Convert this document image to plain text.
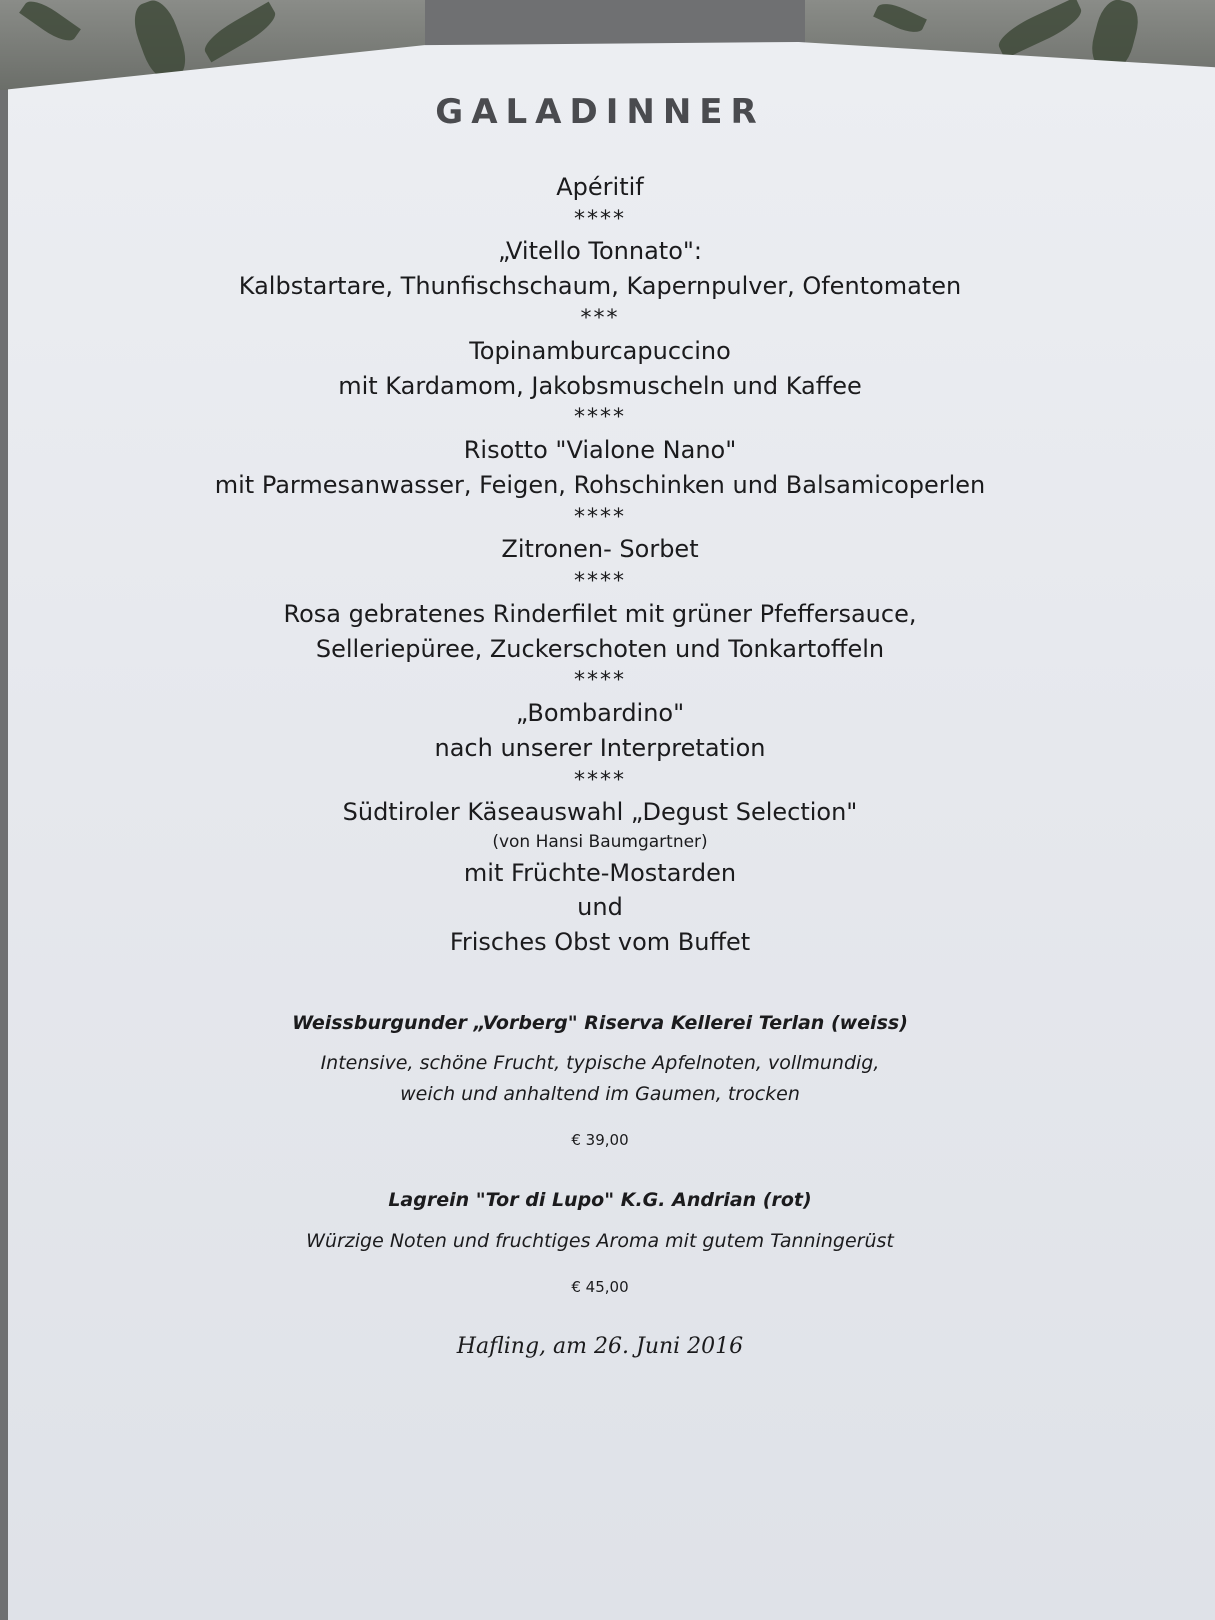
GALADINNER
Apéritif
****
„Vitello Tonnato":
Kalbstartare, Thunfischschaum, Kapernpulver, Ofentomaten
***
Topinamburcapuccino
mit Kardamom, Jakobsmuscheln und Kaffee
****
Risotto "Vialone Nano"
mit Parmesanwasser, Feigen, Rohschinken und Balsamicoperlen
****
Zitronen- Sorbet
****
Rosa gebratenes Rinderfilet mit grüner Pfeffersauce,
Selleriepüree, Zuckerschoten und Tonkartoffeln
****
„Bombardino"
nach unserer Interpretation
****
Südtiroler Käseauswahl „Degust Selection"
(von Hansi Baumgartner)
mit Früchte-Mostarden
und
Frisches Obst vom Buffet
Weissburgunder „Vorberg" Riserva Kellerei Terlan (weiss)
Intensive, schöne Frucht, typische Apfelnoten, vollmundig,
weich und anhaltend im Gaumen, trocken
€ 39,00
Lagrein "Tor di Lupo" K.G. Andrian (rot)
Würzige Noten und fruchtiges Aroma mit gutem Tanningerüst
€ 45,00
Hafling, am 26. Juni 2016
